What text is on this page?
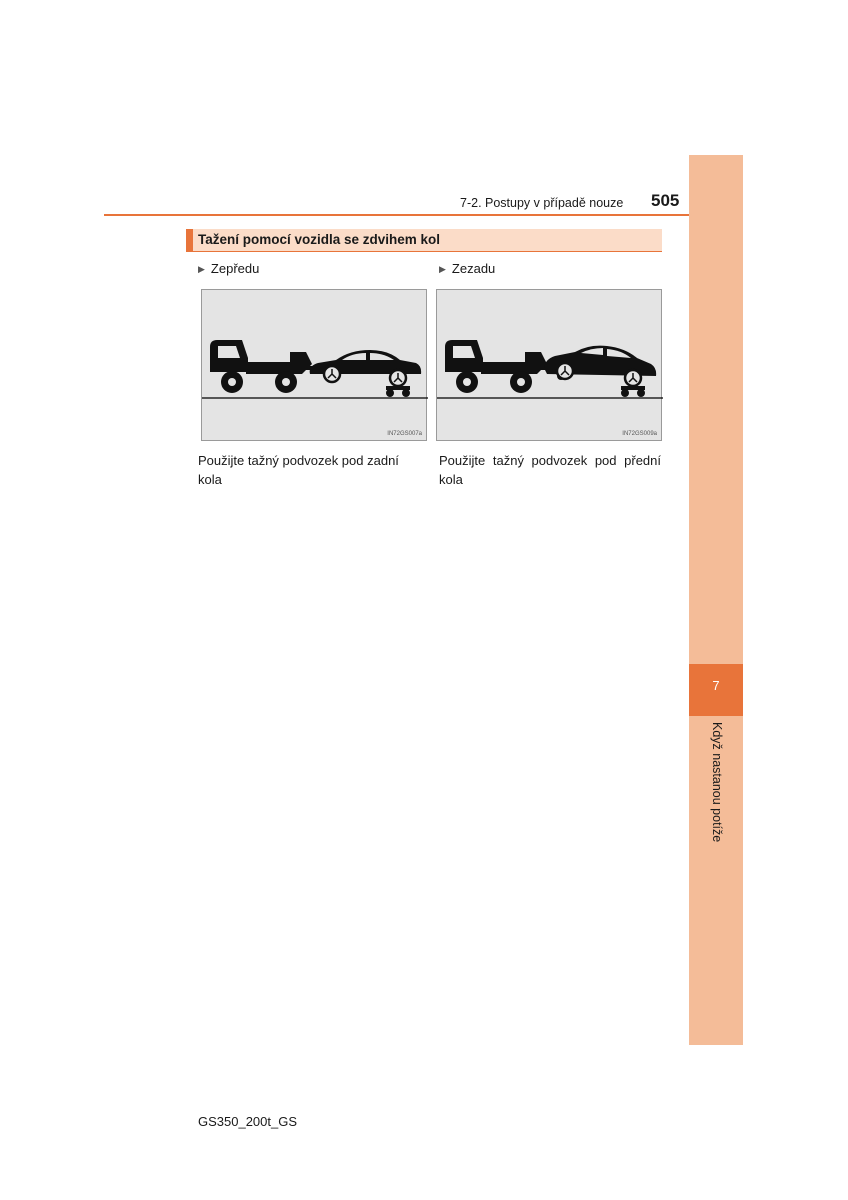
7
Když nastanou potíže
7-2. Postupy v případě nouze 505
Tažení pomocí vozidla se zdvihem kol
▶ Zepředu	▶ Zezadu
IN72GS007a	IN72GS009a
Použijte tažný podvozek pod zadní kola
Použijte tažný podvozek pod přední kola
GS350_200t_GS
